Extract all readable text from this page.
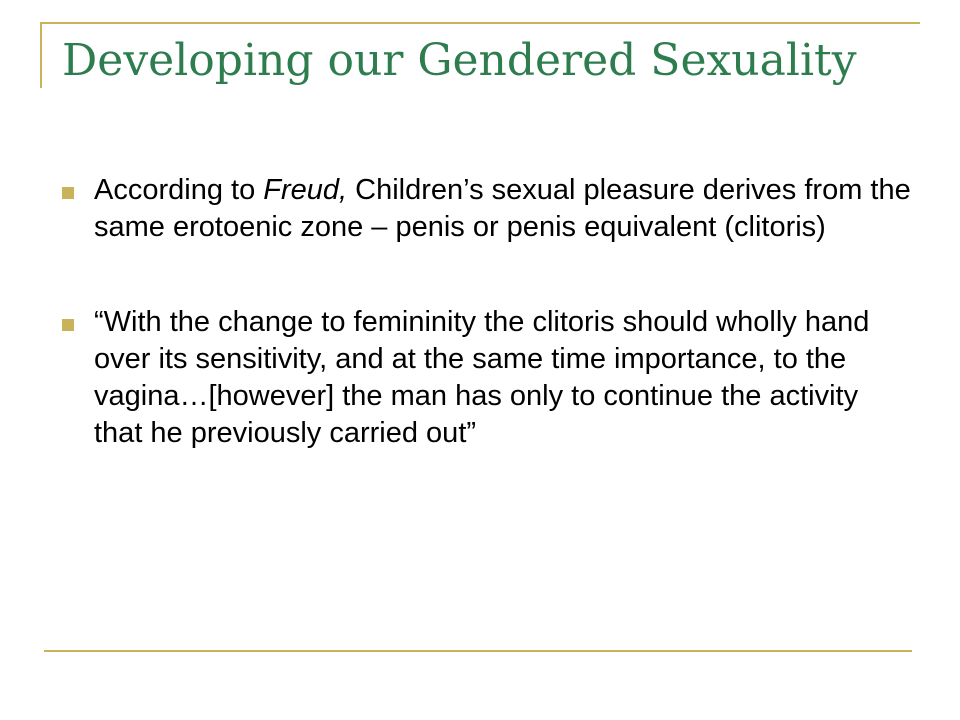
Developing our Gendered Sexuality
According to Freud, Children’s sexual pleasure derives from the same erotoenic zone – penis or penis equivalent (clitoris)
“With the change to femininity the clitoris should wholly hand over its sensitivity, and at the same time importance, to the vagina…[however] the man has only to continue the activity that he previously carried out”
